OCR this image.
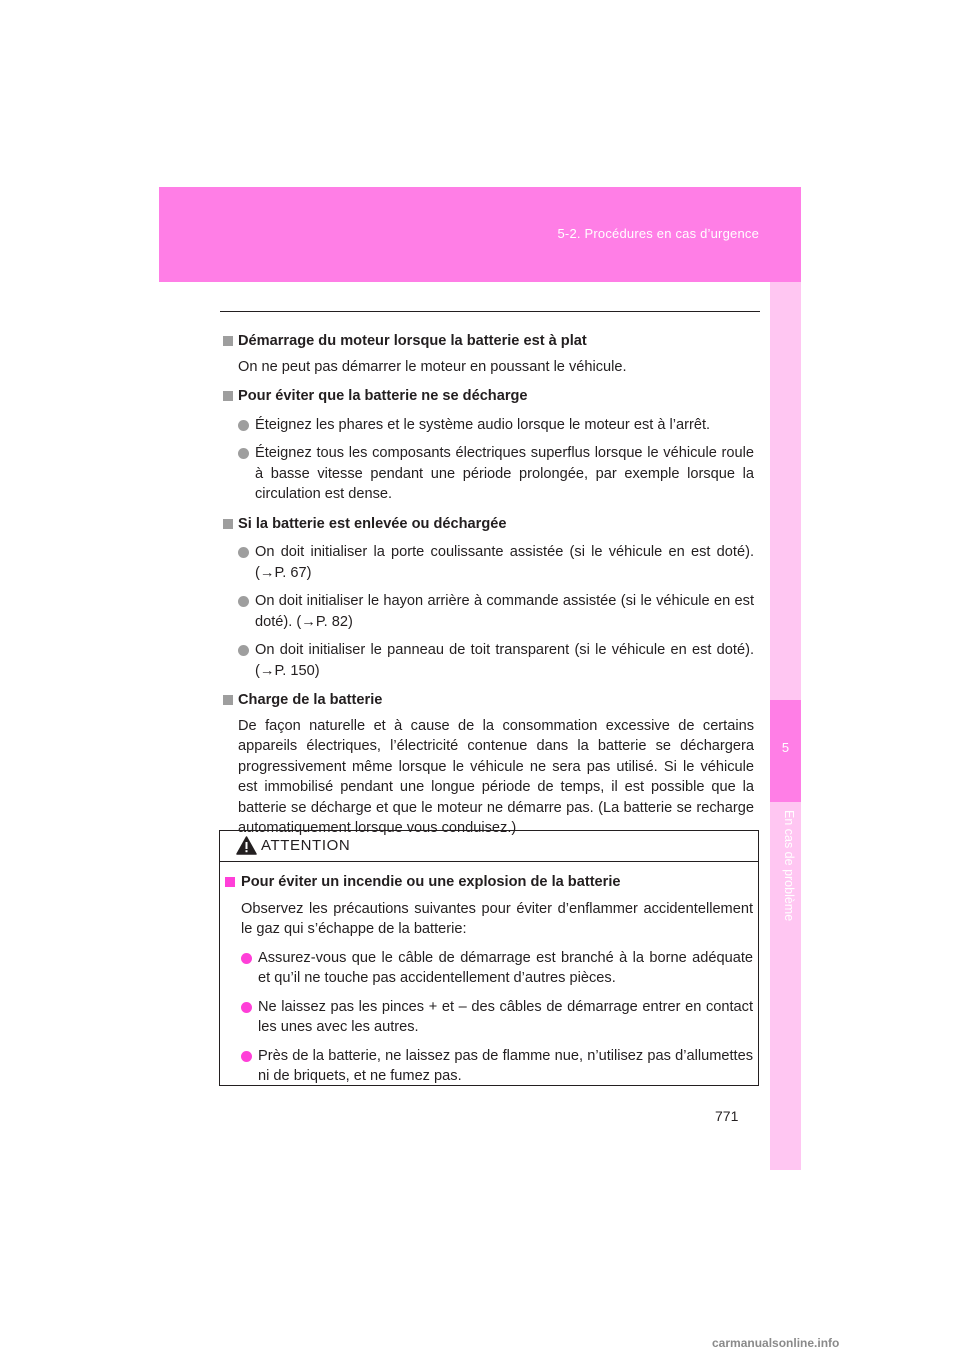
5-2. Procédures en cas d’urgence
5
En cas de problème
Démarrage du moteur lorsque la batterie est à plat
On ne peut pas démarrer le moteur en poussant le véhicule.
Pour éviter que la batterie ne se décharge
Éteignez les phares et le système audio lorsque le moteur est à l’arrêt.
Éteignez tous les composants électriques superflus lorsque le véhicule roule à basse vitesse pendant une période prolongée, par exemple lorsque la circulation est dense.
Si la batterie est enlevée ou déchargée
On doit initialiser la porte coulissante assistée (si le véhicule en est doté). (→P. 67)
On doit initialiser le hayon arrière à commande assistée (si le véhicule en est doté). (→P. 82)
On doit initialiser le panneau de toit transparent (si le véhicule en est doté). (→P. 150)
Charge de la batterie
De façon naturelle et à cause de la consommation excessive de certains appareils électriques, l’électricité contenue dans la batterie se déchargera progressivement même lorsque le véhicule ne sera pas utilisé. Si le véhicule est immobilisé pendant une longue période de temps, il est possible que la batterie se décharge et que le moteur ne démarre pas. (La batterie se recharge automatiquement lorsque vous conduisez.)
ATTENTION
Pour éviter un incendie ou une explosion de la batterie
Observez les précautions suivantes pour éviter d’enflammer accidentellement le gaz qui s’échappe de la batterie:
Assurez-vous que le câble de démarrage est branché à la borne adéquate et qu’il ne touche pas accidentellement d’autres pièces.
Ne laissez pas les pinces + et – des câbles de démarrage entrer en contact les unes avec les autres.
Près de la batterie, ne laissez pas de flamme nue, n’utilisez pas d’allumettes ni de briquets, et ne fumez pas.
771
carmanualsonline.info
